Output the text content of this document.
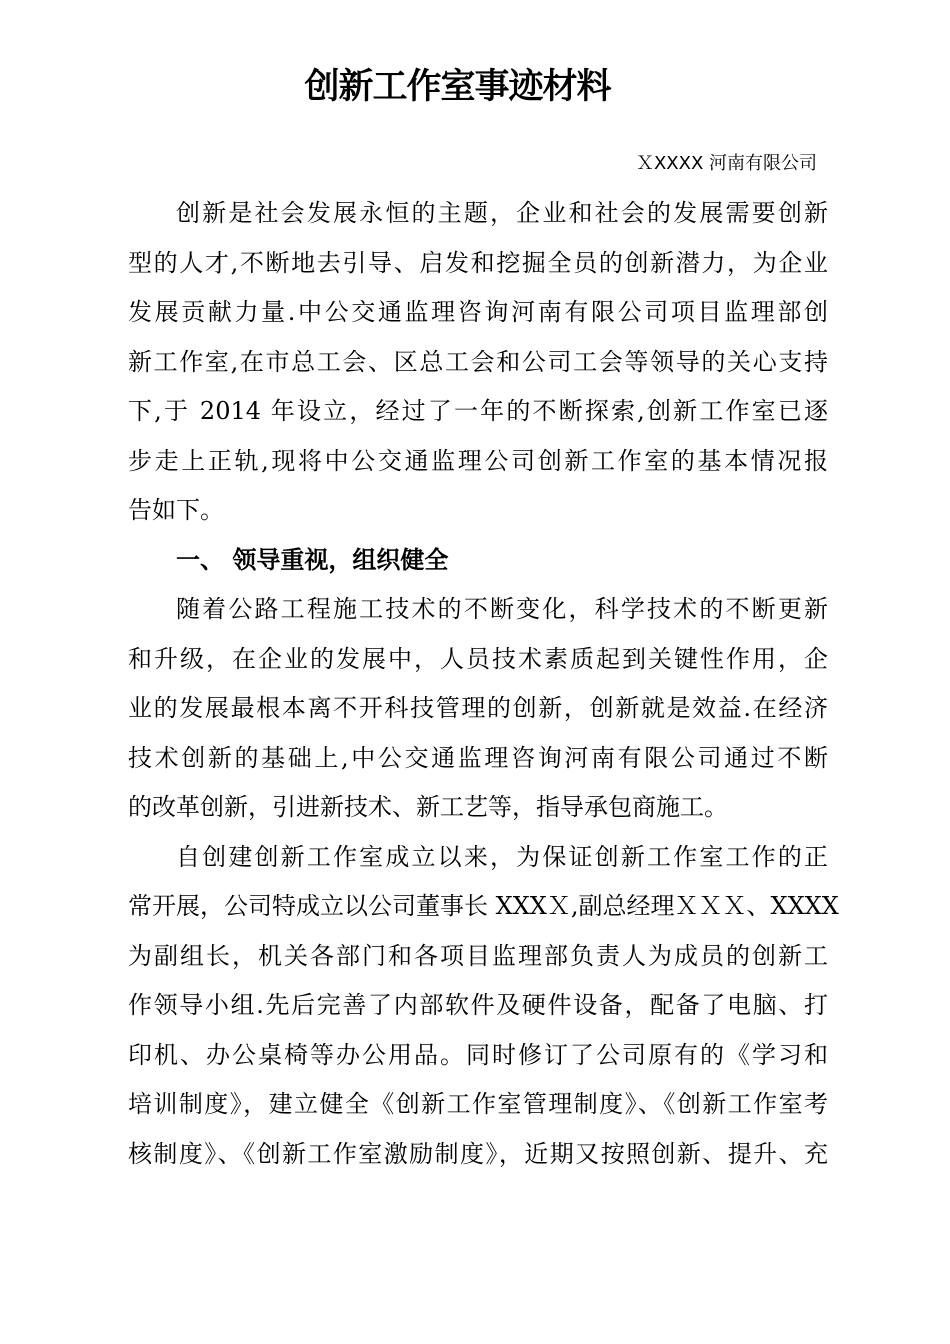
创新工作室事迹材料

ＸXXXX 河南有限公司

创新是社会发展永恒的主题，企业和社会的发展需要创新
型的人才,不断地去引导、启发和挖掘全员的创新潜力，为企业
发展贡献力量.中公交通监理咨询河南有限公司项目监理部创
新工作室,在市总工会、区总工会和公司工会等领导的关心支持
下,于 2014 年设立，经过了一年的不断探索,创新工作室已逐
步走上正轨,现将中公交通监理公司创新工作室的基本情况报
告如下。
一、 领导重视，组织健全
随着公路工程施工技术的不断变化，科学技术的不断更新
和升级，在企业的发展中，人员技术素质起到关键性作用，企
业的发展最根本离不开科技管理的创新，创新就是效益.在经济
技术创新的基础上,中公交通监理咨询河南有限公司通过不断
的改革创新，引进新技术、新工艺等，指导承包商施工。
自创建创新工作室成立以来，为保证创新工作室工作的正
常开展，公司特成立以公司董事长 XXXＸ,副总经理ＸＸＸ、XXXX
为副组长，机关各部门和各项目监理部负责人为成员的创新工
作领导小组.先后完善了内部软件及硬件设备，配备了电脑、打
印机、办公桌椅等办公用品。同时修订了公司原有的《学习和
培训制度》，建立健全《创新工作室管理制度》、《创新工作室考
核制度》、《创新工作室激励制度》，近期又按照创新、提升、充
